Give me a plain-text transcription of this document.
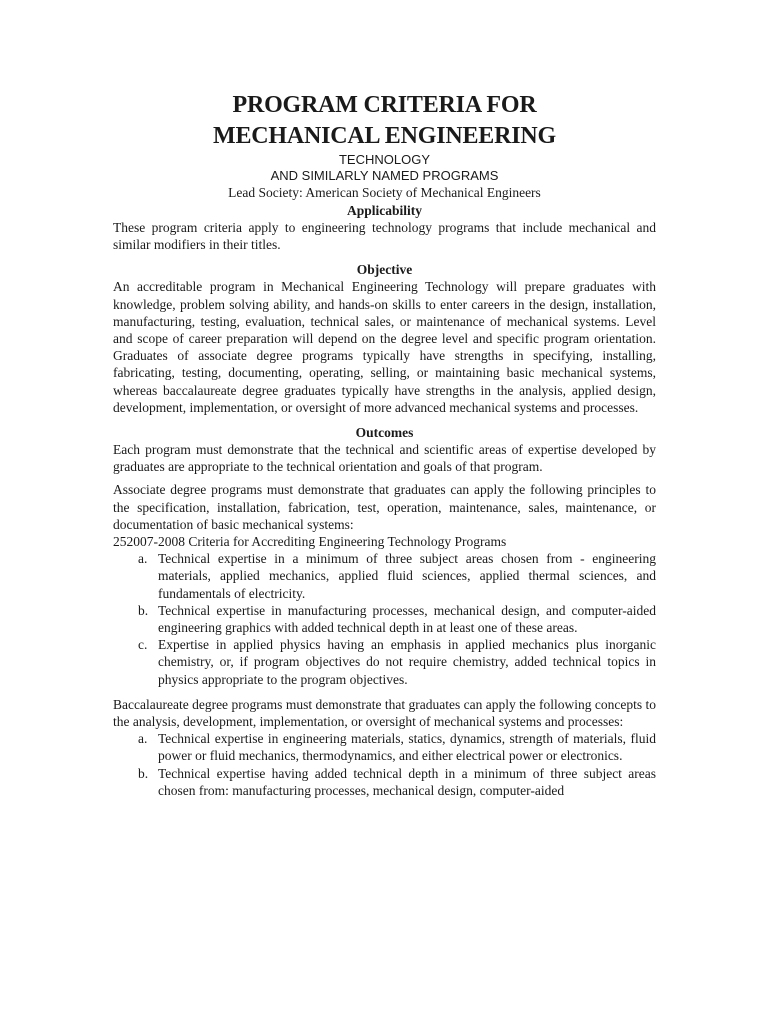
PROGRAM CRITERIA FOR
MECHANICAL ENGINEERING
TECHNOLOGY
AND SIMILARLY NAMED PROGRAMS
Lead Society: American Society of Mechanical Engineers
Applicability

These program criteria apply to engineering technology programs that include mechanical and similar modifiers in their titles.

Objective

An accreditable program in Mechanical Engineering Technology will prepare graduates with knowledge, problem solving ability, and hands-on skills to enter careers in the design, installation, manufacturing, testing, evaluation, technical sales, or maintenance of mechanical systems. Level and scope of career preparation will depend on the degree level and specific program orientation. Graduates of associate degree programs typically have strengths in specifying, installing, fabricating, testing, documenting, operating, selling, or maintaining basic mechanical systems, whereas baccalaureate degree graduates typically have strengths in the analysis, applied design, development, implementation, or oversight of more advanced mechanical systems and processes.

Outcomes

Each program must demonstrate that the technical and scientific areas of expertise developed by graduates are appropriate to the technical orientation and goals of that program.

Associate degree programs must demonstrate that graduates can apply the following principles to the specification, installation, fabrication, test, operation, maintenance, sales, maintenance, or documentation of basic mechanical systems:

252007-2008 Criteria for Accrediting Engineering Technology Programs

a. Technical expertise in a minimum of three subject areas chosen from - engineering materials, applied mechanics, applied fluid sciences, applied thermal sciences, and fundamentals of electricity.
b. Technical expertise in manufacturing processes, mechanical design, and computer-aided engineering graphics with added technical depth in at least one of these areas.
c. Expertise in applied physics having an emphasis in applied mechanics plus inorganic chemistry, or, if program objectives do not require chemistry, added technical topics in physics appropriate to the program objectives.

Baccalaureate degree programs must demonstrate that graduates can apply the following concepts to the analysis, development, implementation, or oversight of mechanical systems and processes:

a. Technical expertise in engineering materials, statics, dynamics, strength of materials, fluid power or fluid mechanics, thermodynamics, and either electrical power or electronics.
b. Technical expertise having added technical depth in a minimum of three subject areas chosen from: manufacturing processes, mechanical design, computer-aided
